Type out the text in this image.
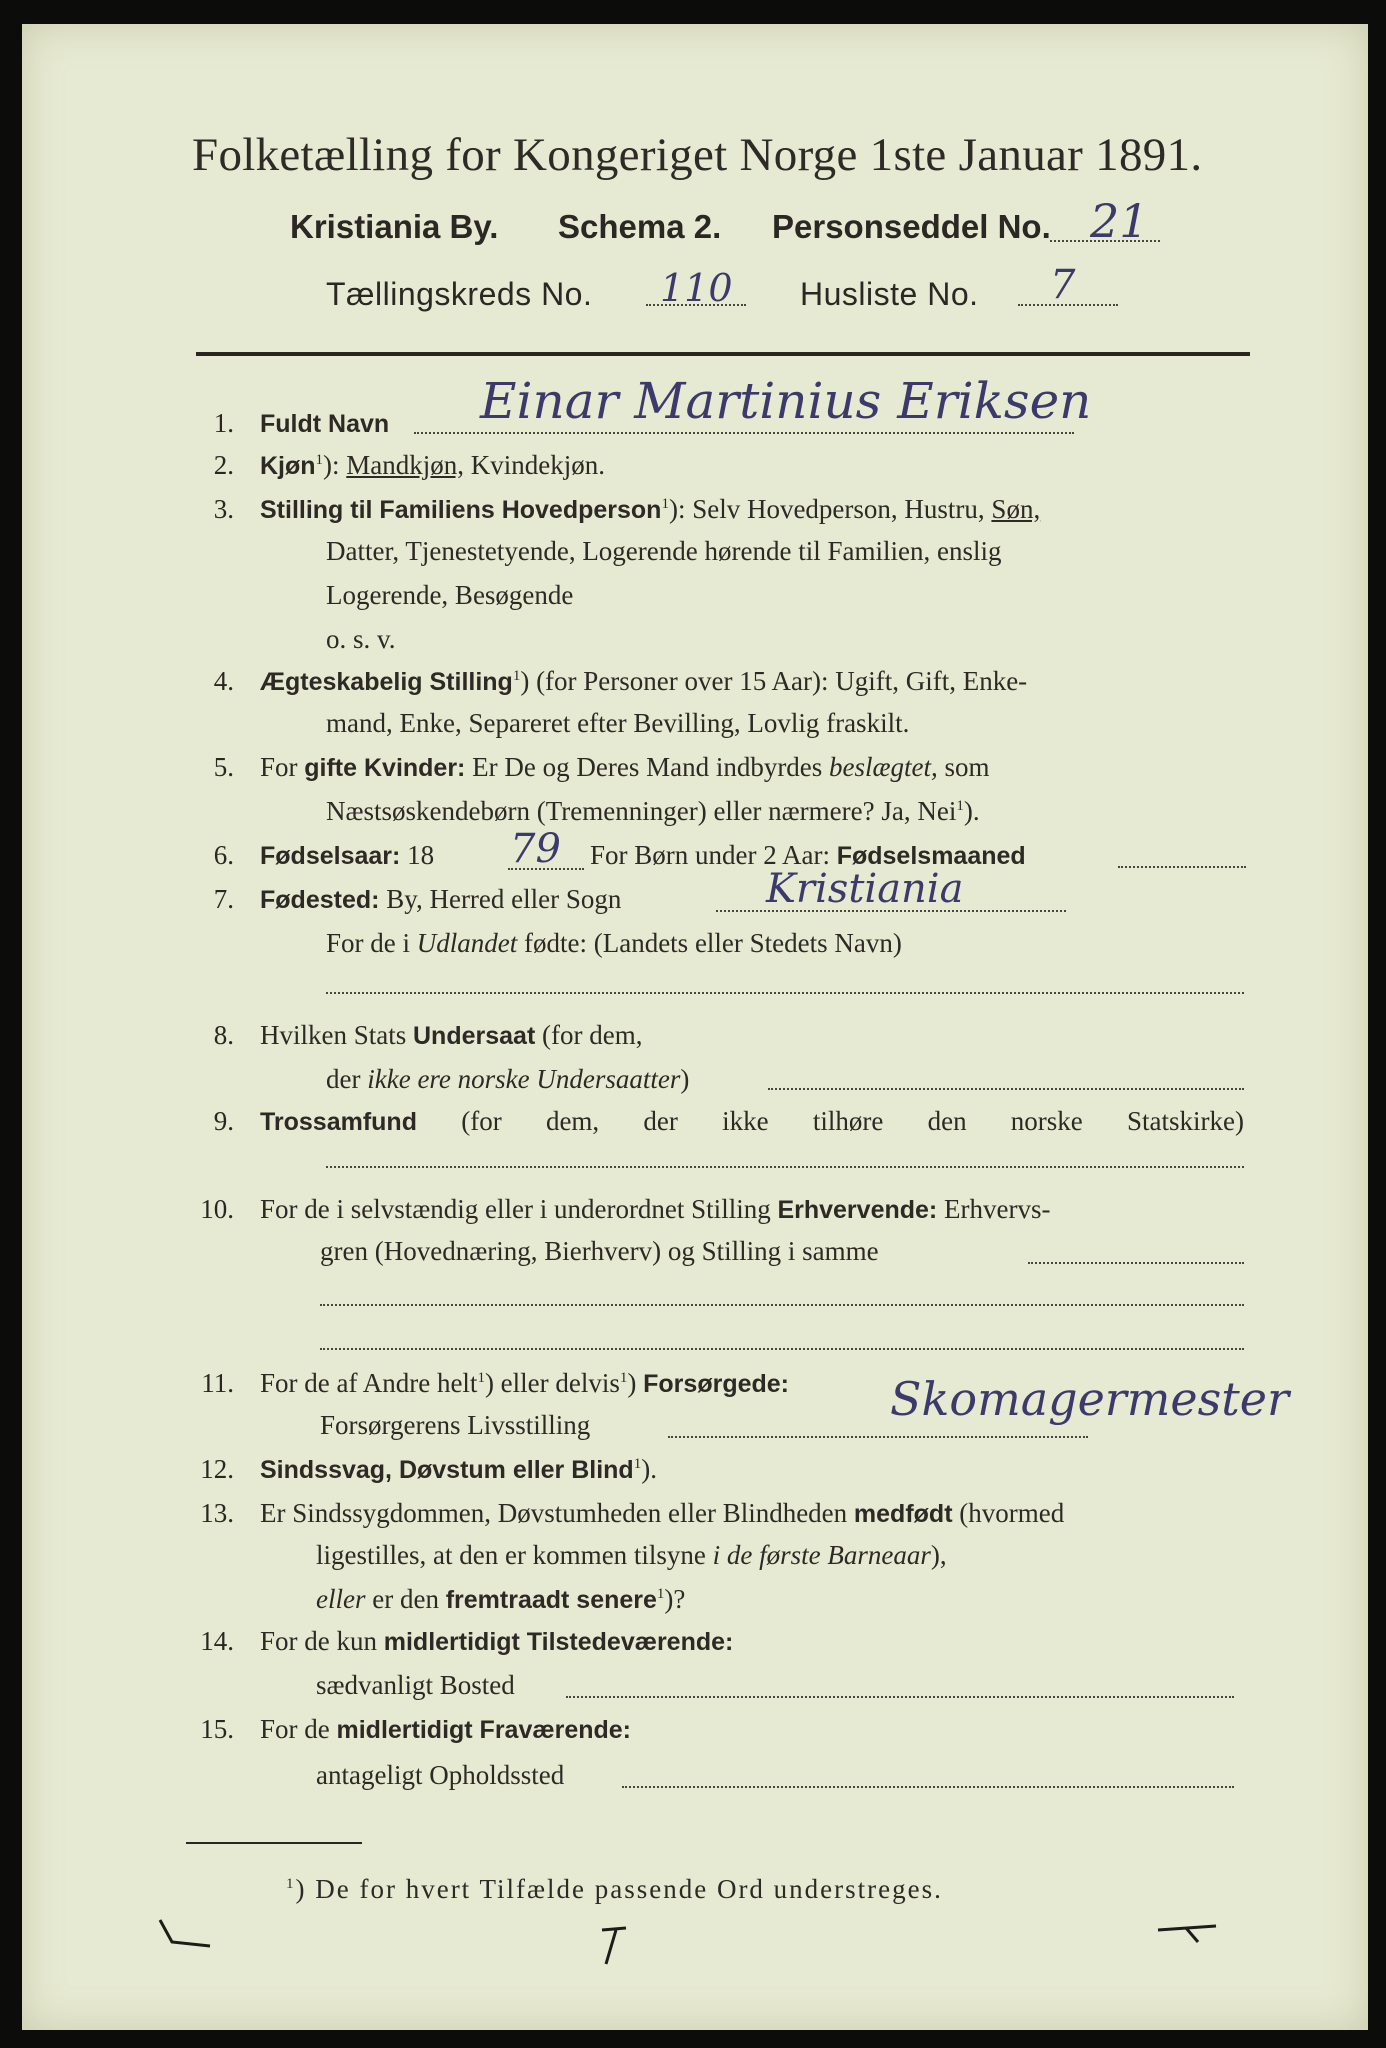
Folketælling for Kongeriget Norge 1ste Januar 1891.
Kristiania By. Schema 2. Personseddel No. 21
Tællingskreds No. 110 Husliste No. 7
1. Fuldt Navn Einar Martinius Eriksen
2. Kjøn$^1$): Mandkjøn, Kvindekjøn.
3. Stilling til Familiens Hovedperson$^1$): Selv Hovedperson, Hustru, Søn,
Datter, Tjenestetyende, Logerende hørende til Familien, enslig
Logerende, Besøgende
o. s. v.
4. Ægteskabelig Stilling$^1$) (for Personer over 15 Aar): Ugift, Gift, Enke-
mand, Enke, Separeret efter Bevilling, Lovlig fraskilt.
5. For gifte Kvinder: Er De og Deres Mand indbyrdes beslægtet, som
Næstsøskendebørn (Tremenninger) eller nærmere? Ja, Nei$^1$).
6. Fødselsaar: 18 79 For Børn under 2 Aar: Fødselsmaaned
7. Fødested: By, Herred eller Sogn	Kristiania
For de i Udlandet fødte: (Landets eller Stedets Navn)
8. Hvilken Stats Undersaat (for dem,
der ikke ere norske Undersaatter)
9. Trossamfund (for dem, der ikke tilhøre den norske Statskirke)
10. For de i selvstændig eller i underordnet Stilling Erhvervende: Erhvervs-
gren (Hovednæring, Bierhverv) og Stilling i samme
11. For de af Andre helt$^1$) eller delvis$^1$) Forsørgede:
Forsørgerens Livsstilling	Skomagermester
12. Sindssvag, Døvstum eller Blind$^1$).
13. Er Sindssygdommen, Døvstumheden eller Blindheden medfødt (hvormed
ligestilles, at den er kommen tilsyne i de første Barneaar),
eller er den fremtraadt senere$^1$)?
14. For de kun midlertidigt Tilstedeværende:
sædvanligt Bosted
15. For de midlertidigt Fraværende:
antageligt Opholdssted
$^1$) De for hvert Tilfælde passende Ord understreges.
